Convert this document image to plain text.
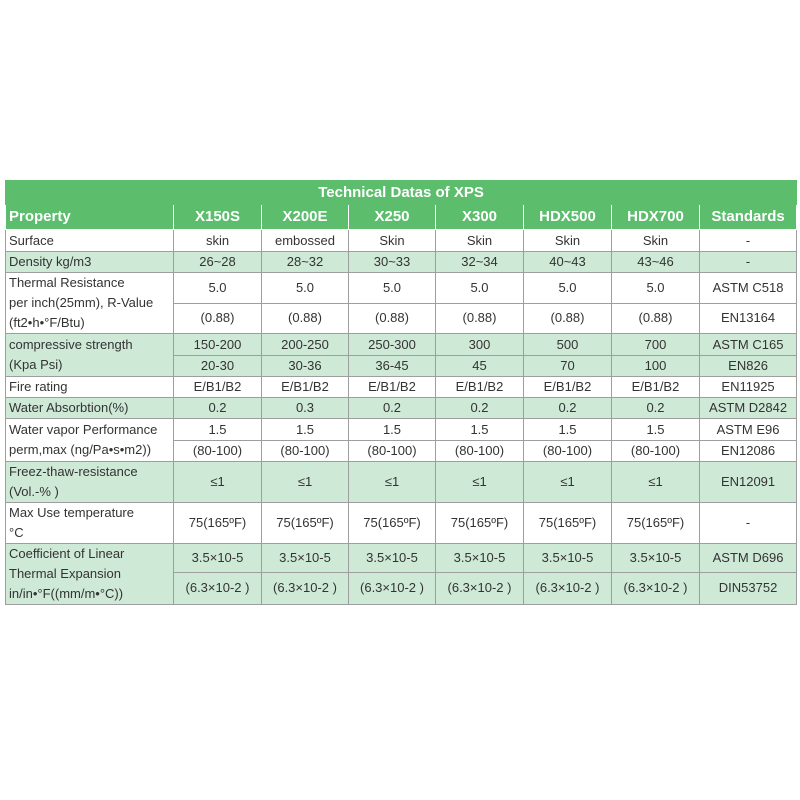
Technical Datas of XPS							
Property	X150S	X200E	X250	X300	HDX500	HDX700	Standards
Surface	skin	embossed	Skin	Skin	Skin	Skin	-
Density kg/m3	26~28	28~32	30~33	32~34	40~43	43~46	-

Thermal Resistance
per inch(25mm), R-Value
(ft2•h•°F/Btu)	5.0	5.0	5.0	5.0	5.0	5.0	ASTM C518
	(0.88)	(0.88)	(0.88)	(0.88)	(0.88)	(0.88)	EN13164

compressive strength
(Kpa Psi)	150-200	200-250	250-300	300	500	700	ASTM C165
	20-30	30-36	36-45	45	70	100	EN826
Fire rating	E/B1/B2	E/B1/B2	E/B1/B2	E/B1/B2	E/B1/B2	E/B1/B2	EN11925
Water Absorbtion(%)	0.2	0.3	0.2	0.2	0.2	0.2	ASTM D2842

Water vapor Performance
perm,max (ng/Pa•s•m2))	1.5	1.5	1.5	1.5	1.5	1.5	ASTM E96
	(80-100)	(80-100)	(80-100)	(80-100)	(80-100)	(80-100)	EN12086

Freez-thaw-resistance
(Vol.-% )	≤1	≤1	≤1	≤1	≤1	≤1	EN12091

Max Use temperature
°C	75(165ºF)	75(165ºF)	75(165ºF)	75(165ºF)	75(165ºF)	75(165ºF)	-

Coefficient of Linear
Thermal Expansion
in/in•°F((mm/m•°C))	3.5×10-5	3.5×10-5	3.5×10-5	3.5×10-5	3.5×10-5	3.5×10-5	ASTM D696
	(6.3×10-2 )	(6.3×10-2 )	(6.3×10-2 )	(6.3×10-2 )	(6.3×10-2 )	(6.3×10-2 )	DIN53752
